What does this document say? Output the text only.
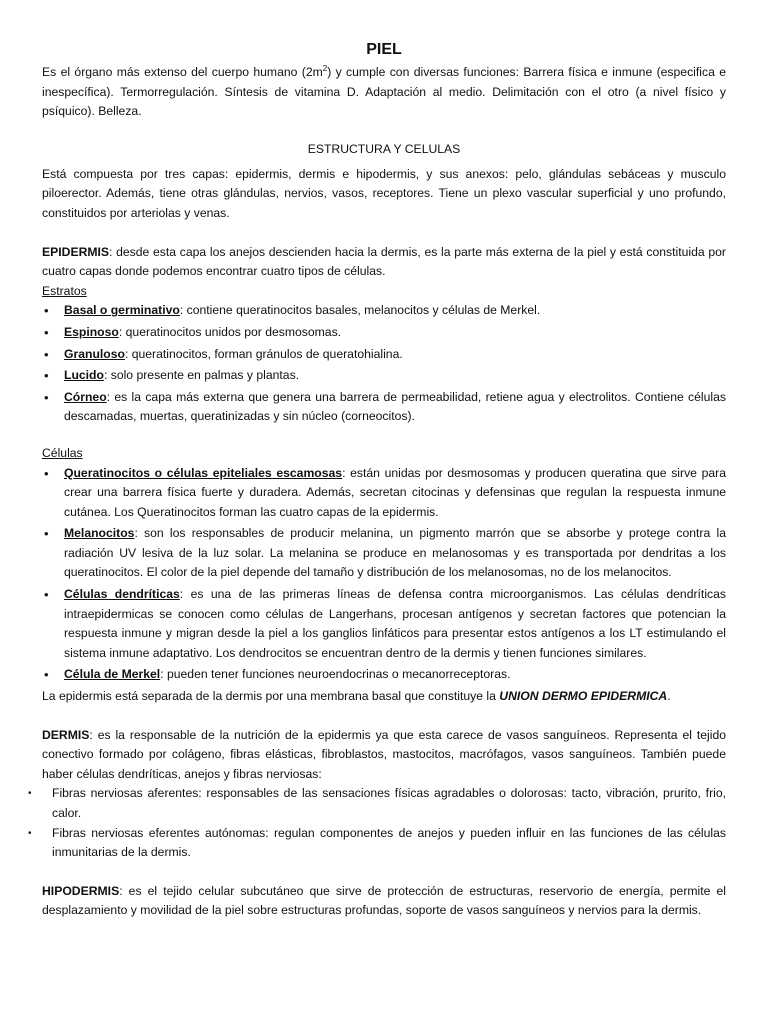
PIEL

Es el órgano más extenso del cuerpo humano $(2m^2)$ y cumple con diversas funciones: Barrera física e inmune (especifica e inespecífica). Termorregulación. Síntesis de vitamina D. Adaptación al medio. Delimitación con el otro (a nivel físico y psíquico). Belleza.

ESTRUCTURA Y CELULAS

Está compuesta por tres capas: epidermis, dermis e hipodermis, y sus anexos: pelo, glándulas sebáceas y musculo piloerector. Además, tiene otras glándulas, nervios, vasos, receptores. Tiene un plexo vascular superficial y uno profundo, constituidos por arteriolas y venas.

EPIDERMIS: desde esta capa los anejos descienden hacia la dermis, es la parte más externa de la piel y está constituida por cuatro capas donde podemos encontrar cuatro tipos de células.

Estratos
• Basal o germinativo: contiene queratinocitos basales, melanocitos y células de Merkel.
• Espinoso: queratinocitos unidos por desmosomas.
• Granuloso: queratinocitos, forman gránulos de queratohialina.
• Lucido: solo presente en palmas y plantas.
• Córneo: es la capa más externa que genera una barrera de permeabilidad, retiene agua y electrolitos. Contiene células descamadas, muertas, queratinizadas y sin núcleo (corneocitos).
Células
• Queratinocitos o células epiteliales escamosas: están unidas por desmosomas y producen queratina que sirve para crear una barrera física fuerte y duradera. Además, secretan citocinas y defensinas que regulan la respuesta inmune cutánea. Los Queratinocitos forman las cuatro capas de la epidermis.
• Melanocitos: son los responsables de producir melanina, un pigmento marrón que se absorbe y protege contra la radiación UV lesiva de la luz solar. La melanina se produce en melanosomas y es transportada por dendritas a los queratinocitos. El color de la piel depende del tamaño y distribución de los melanosomas, no de los melanocitos.
• Células dendríticas: es una de las primeras líneas de defensa contra microorganismos. Las células dendríticas intraepidermicas se conocen como células de Langerhans, procesan antígenos y secretan factores que potencian la respuesta inmune y migran desde la piel a los ganglios linfáticos para presentar estos antígenos a los LT estimulando el sistema inmune adaptativo. Los dendrocitos se encuentran dentro de la dermis y tienen funciones similares.
• Célula de Merkel: pueden tener funciones neuroendocrinas o mecanorreceptoras.

La epidermis está separada de la dermis por una membrana basal que constituye la UNION DERMO EPIDERMICA.

DERMIS: es la responsable de la nutrición de la epidermis ya que esta carece de vasos sanguíneos. Representa el tejido conectivo formado por colágeno, fibras elásticas, fibroblastos, mastocitos, macrófagos, vasos sanguíneos. También puede haber células dendríticas, anejos y fibras nerviosas:

• Fibras nerviosas aferentes: responsables de las sensaciones físicas agradables o dolorosas: tacto, vibración, prurito, frio, calor.
• Fibras nerviosas eferentes autónomas: regulan componentes de anejos y pueden influir en las funciones de las células inmunitarias de la dermis.

HIPODERMIS: es el tejido celular subcutáneo que sirve de protección de estructuras, reservorio de energía, permite el desplazamiento y movilidad de la piel sobre estructuras profundas, soporte de vasos sanguíneos y nervios para la dermis.
